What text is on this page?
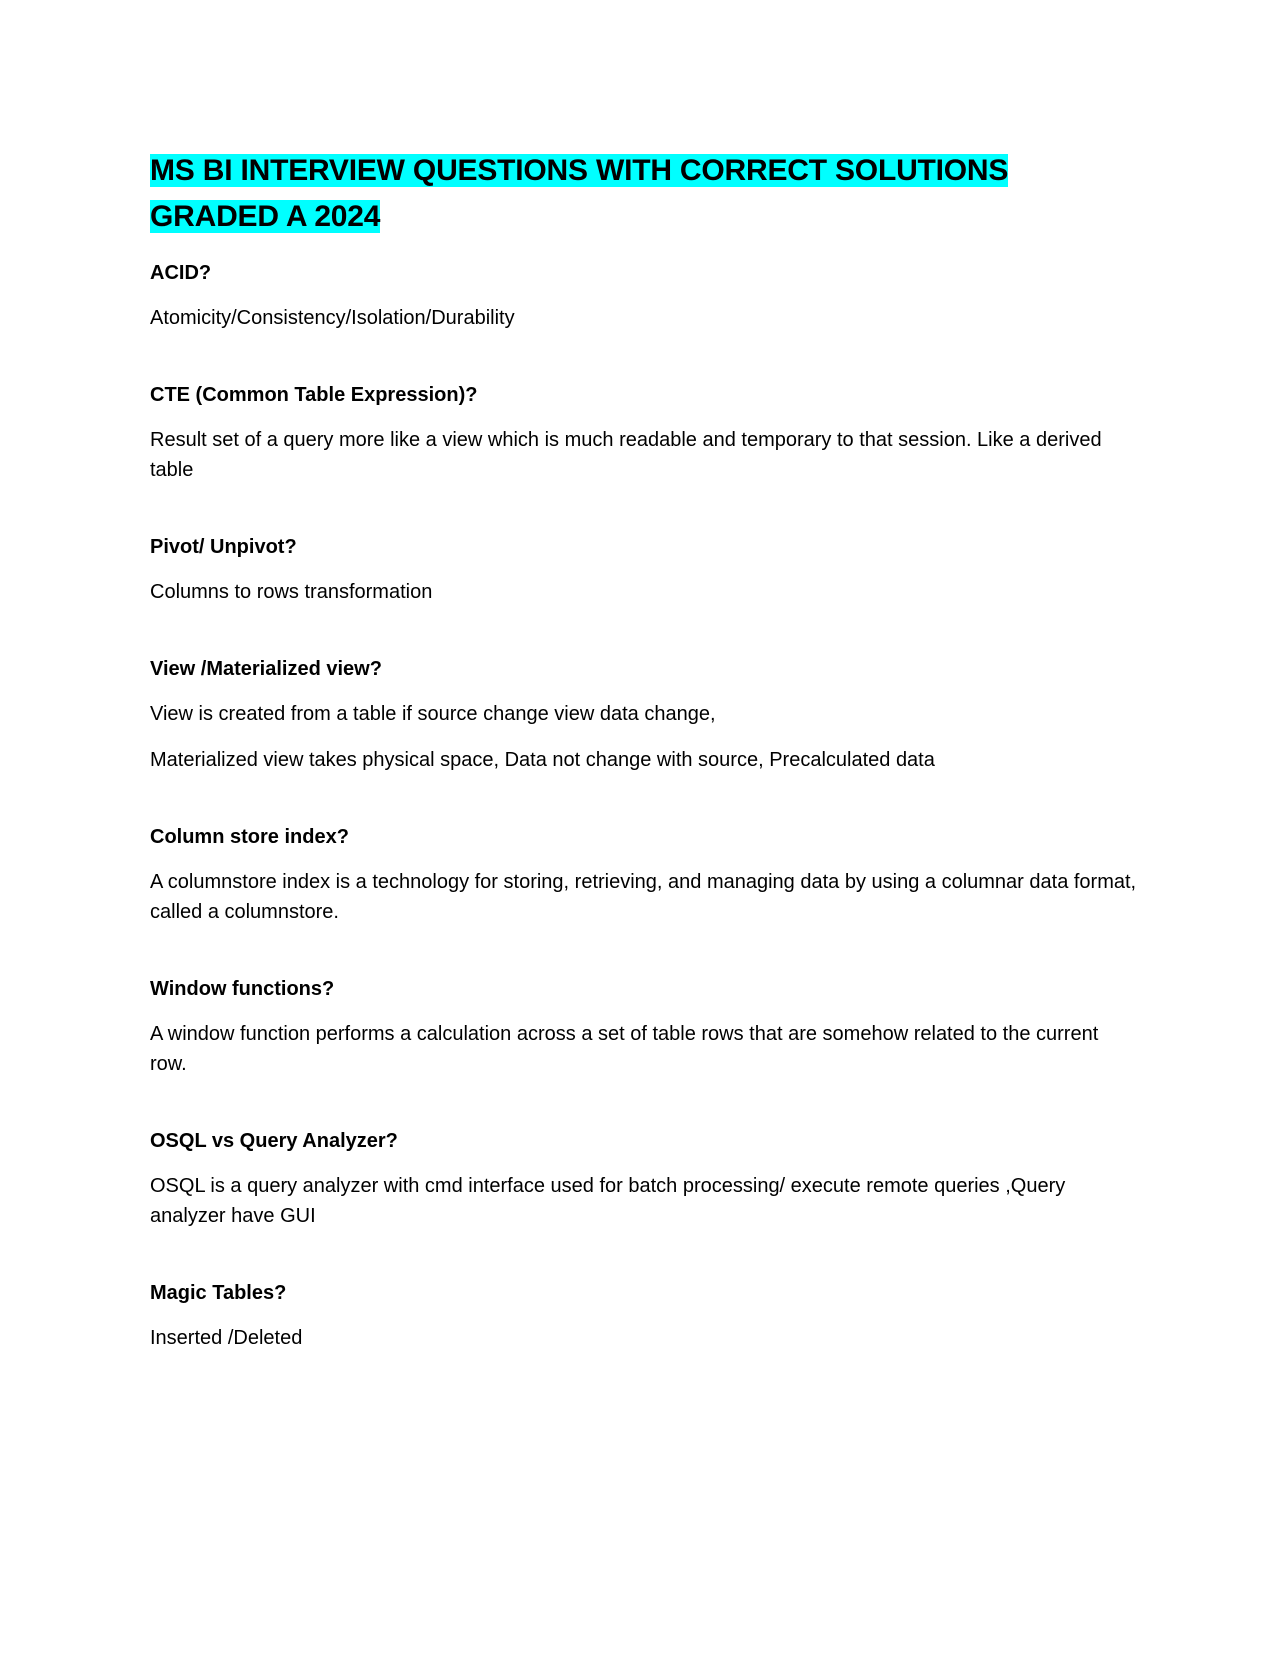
MS BI INTERVIEW QUESTIONS WITH CORRECT SOLUTIONS GRADED A 2024

ACID?

Atomicity/Consistency/Isolation/Durability

CTE (Common Table Expression)?

Result set of a query more like a view which is much readable and temporary to that session. Like a derived table

Pivot/ Unpivot?

Columns to rows transformation

View /Materialized view?

View is created from a table if source change view data change,

Materialized view takes physical space, Data not change with source, Precalculated data

Column store index?

A columnstore index is a technology for storing, retrieving, and managing data by using a columnar data format, called a columnstore.

Window functions?

A window function performs a calculation across a set of table rows that are somehow related to the current row.

OSQL vs Query Analyzer?

OSQL is a query analyzer with cmd interface used for batch processing/ execute remote queries ,Query analyzer have GUI

Magic Tables?

Inserted /Deleted
